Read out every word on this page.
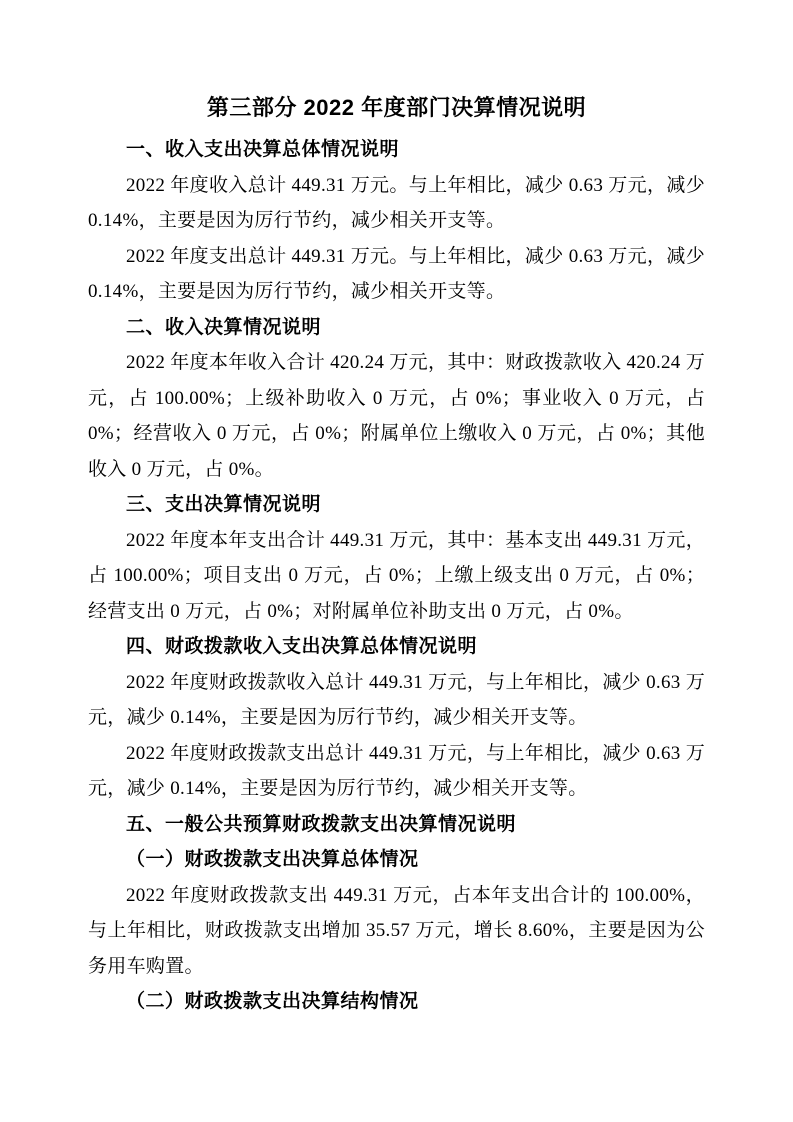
第三部分 2022 年度部门决算情况说明
一、收入支出决算总体情况说明

2022 年度收入总计 449.31 万元。与上年相比，减少 0.63 万元，减少 0.14%，主要是因为厉行节约，减少相关开支等。

2022 年度支出总计 449.31 万元。与上年相比，减少 0.63 万元，减少 0.14%，主要是因为厉行节约，减少相关开支等。

二、收入决算情况说明

2022 年度本年收入合计 420.24 万元，其中：财政拨款收入 420.24 万元，占 100.00%；上级补助收入 0 万元，占 0%；事业收入 0 万元，占 0%；经营收入 0 万元，占 0%；附属单位上缴收入 0 万元，占 0%；其他收入 0 万元，占 0%。

三、支出决算情况说明

2022 年度本年支出合计 449.31 万元，其中：基本支出 449.31 万元，占 100.00%；项目支出 0 万元，占 0%；上缴上级支出 0 万元，占 0%；经营支出 0 万元，占 0%；对附属单位补助支出 0 万元，占 0%。

四、财政拨款收入支出决算总体情况说明

2022 年度财政拨款收入总计 449.31 万元，与上年相比，减少 0.63 万元，减少 0.14%，主要是因为厉行节约，减少相关开支等。

2022 年度财政拨款支出总计 449.31 万元，与上年相比，减少 0.63 万元，减少 0.14%，主要是因为厉行节约，减少相关开支等。

五、一般公共预算财政拨款支出决算情况说明
（一）财政拨款支出决算总体情况

2022 年度财政拨款支出 449.31 万元，占本年支出合计的 100.00%，与上年相比，财政拨款支出增加 35.57 万元，增长 8.60%，主要是因为公务用车购置。

（二）财政拨款支出决算结构情况
